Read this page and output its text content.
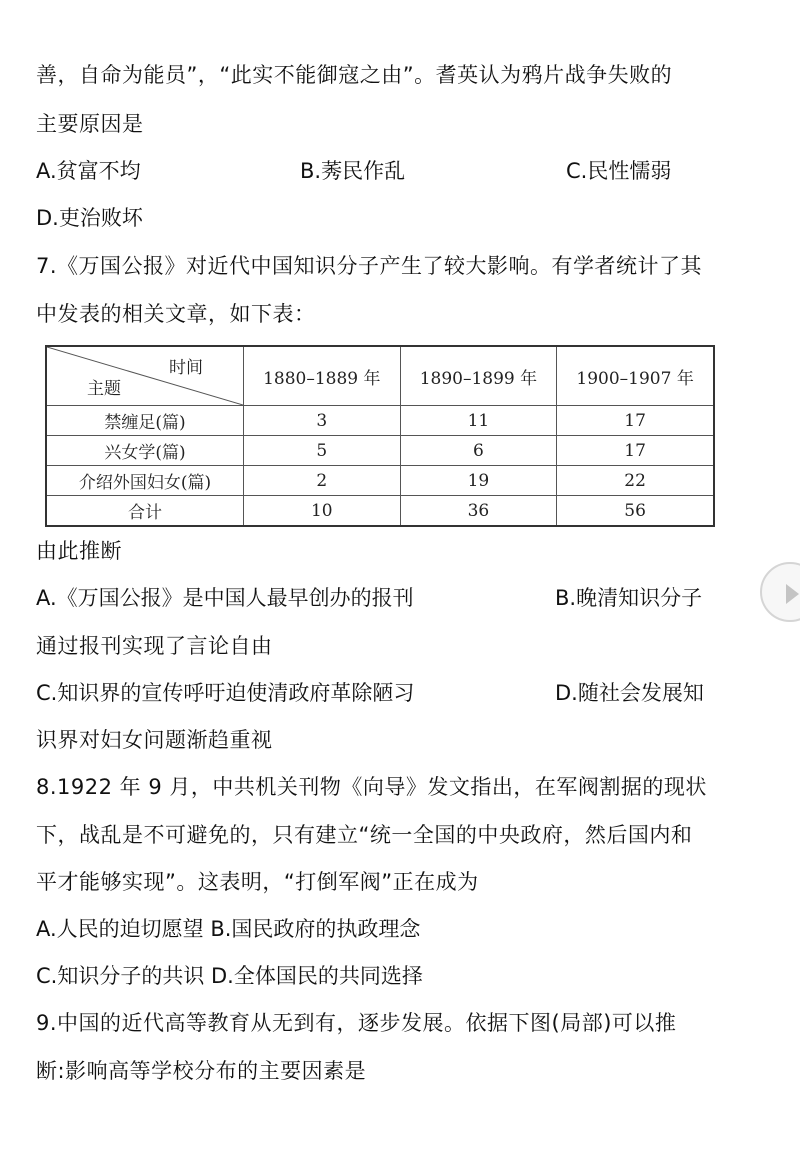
善，自命为能员”，“此实不能御寇之由”。耆英认为鸦片战争失败的
主要原因是
A.贫富不均	B.莠民作乱	C.民性懦弱
D.吏治败坏
7.《万国公报》对近代中国知识分子产生了较大影响。有学者统计了其
中发表的相关文章，如下表：
时间
主题	1880–1889 年	1890–1899 年	1900–1907 年
禁缠足(篇)	3	11	17
兴女学(篇)	5	6	17
介绍外国妇女(篇)	2	19	22
合计	10	36	56
由此推断
A.《万国公报》是中国人最早创办的报刊	B.晚清知识分子
通过报刊实现了言论自由
C.知识界的宣传呼吁迫使清政府革除陋习	D.随社会发展知
识界对妇女问题渐趋重视
8.1922 年 9 月，中共机关刊物《向导》发文指出，在军阀割据的现状
下，战乱是不可避免的，只有建立“统一全国的中央政府，然后国内和
平才能够实现”。这表明，“打倒军阀”正在成为
A.人民的迫切愿望 B.国民政府的执政理念
C.知识分子的共识 D.全体国民的共同选择
9.中国的近代高等教育从无到有，逐步发展。依据下图(局部)可以推
断:影响高等学校分布的主要因素是
